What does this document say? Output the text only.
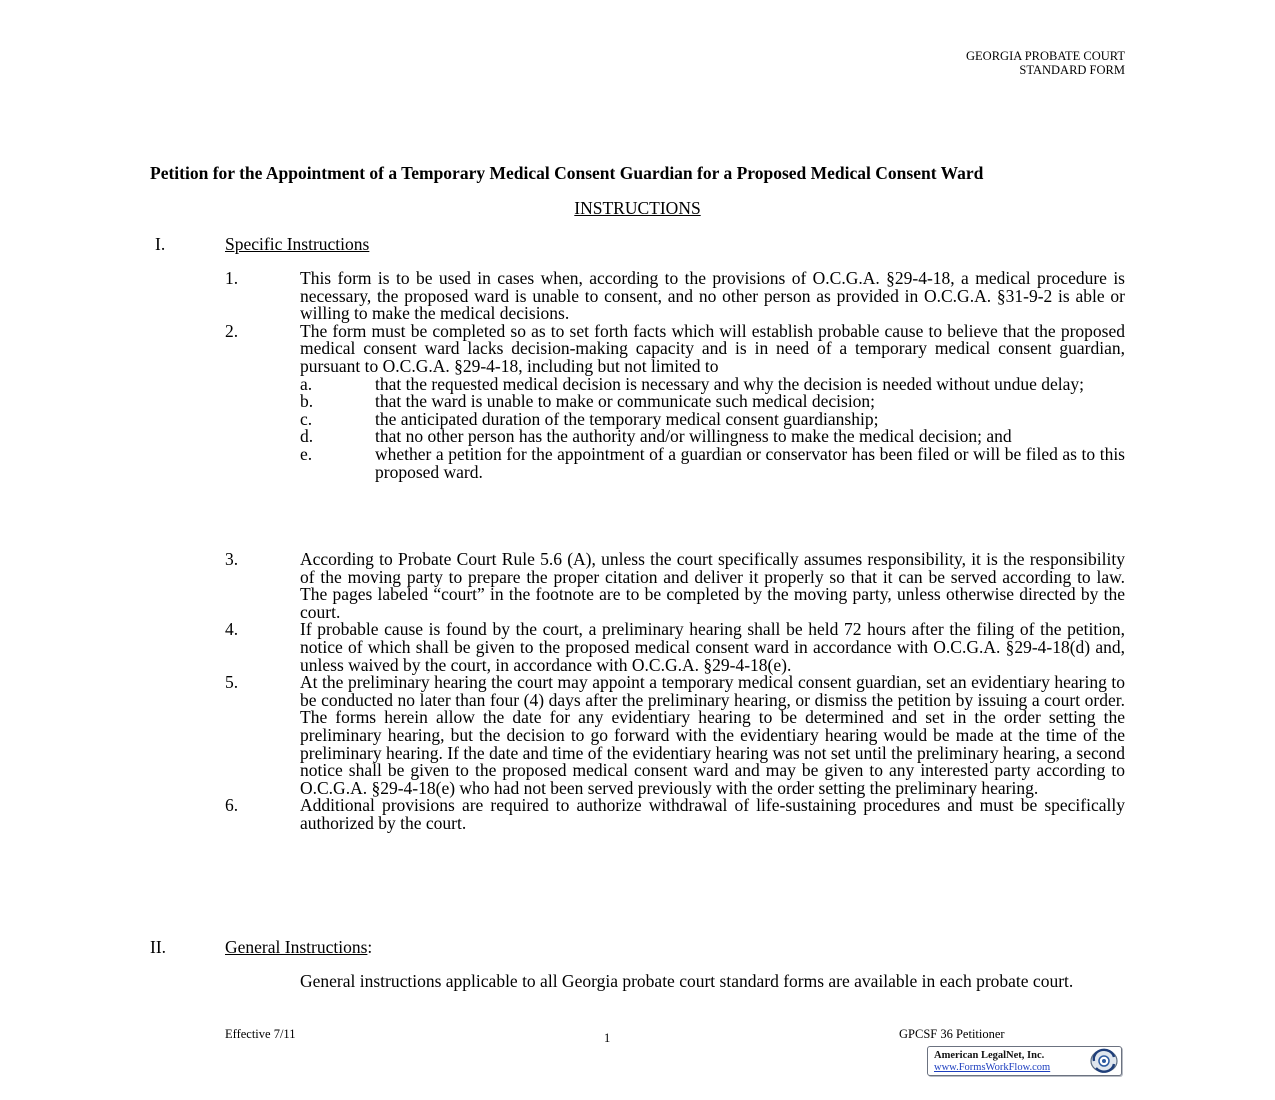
GEORGIA PROBATE COURT
STANDARD FORM
Petition for the Appointment of a Temporary Medical Consent Guardian for a Proposed Medical Consent Ward
INSTRUCTIONS
I.	Specific Instructions
1.	This form is to be used in cases when, according to the provisions of O.C.G.A. §29-4-18, a medical procedure is necessary, the proposed ward is unable to consent, and no other person as provided in O.C.G.A. §31-9-2 is able or willing to make the medical decisions.
2.	The form must be completed so as to set forth facts which will establish probable cause to believe that the proposed medical consent ward lacks decision-making capacity and is in need of a temporary medical consent guardian, pursuant to O.C.G.A. §29-4-18, including but not limited to
a.	that the requested medical decision is necessary and why the decision is needed without undue delay;
b.	that the ward is unable to make or communicate such medical decision;
c.	the anticipated duration of the temporary medical consent guardianship;
d.	that no other person has the authority and/or willingness to make the medical decision; and
e.	whether a petition for the appointment of a guardian or conservator has been filed or will be filed as to this proposed ward.
3.	According to Probate Court Rule 5.6 (A), unless the court specifically assumes responsibility, it is the responsibility of the moving party to prepare the proper citation and deliver it properly so that it can be served according to law. The pages labeled “court” in the footnote are to be completed by the moving party, unless otherwise directed by the court.
4.	If probable cause is found by the court, a preliminary hearing shall be held 72 hours after the filing of the petition, notice of which shall be given to the proposed medical consent ward in accordance with O.C.G.A. §29-4-18(d) and, unless waived by the court, in accordance with O.C.G.A. §29-4-18(e).
5.	At the preliminary hearing the court may appoint a temporary medical consent guardian, set an evidentiary hearing to be conducted no later than four (4) days after the preliminary hearing, or dismiss the petition by issuing a court order. The forms herein allow the date for any evidentiary hearing to be determined and set in the order setting the preliminary hearing, but the decision to go forward with the evidentiary hearing would be made at the time of the preliminary hearing. If the date and time of the evidentiary hearing was not set until the preliminary hearing, a second notice shall be given to the proposed medical consent ward and may be given to any interested party according to O.C.G.A. §29-4-18(e) who had not been served previously with the order setting the preliminary hearing.
6.	Additional provisions are required to authorize withdrawal of life-sustaining procedures and must be specifically authorized by the court.
II.	General Instructions:
General instructions applicable to all Georgia probate court standard forms are available in each probate court.
Effective 7/11	1	GPCSF 36 Petitioner
American LegalNet, Inc.
www.FormsWorkFlow.com
